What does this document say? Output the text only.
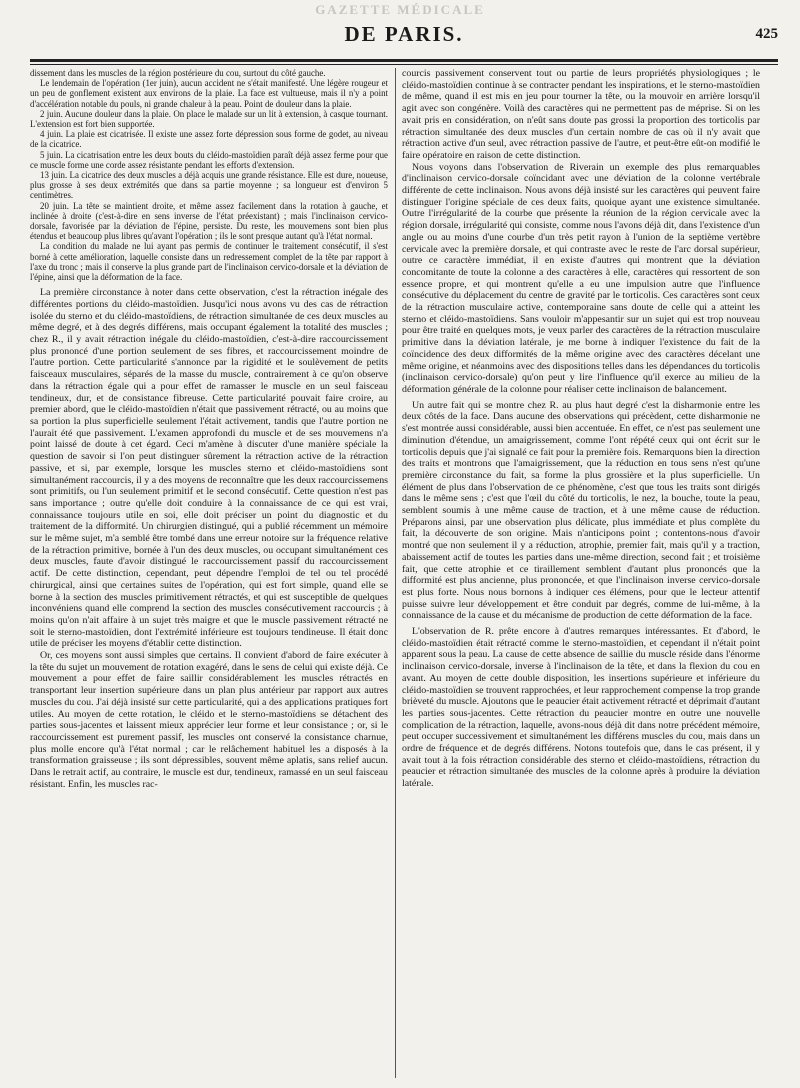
GAZETTE MÉDICALE
DE PARIS.	425

dissement dans les muscles de la région postérieure du cou, surtout du côté gauche.

Le lendemain de l'opération (1er juin), aucun accident ne s'était manifesté. Une légère rougeur et un peu de gonflement existent aux environs de la plaie. La face est vultueuse, mais il n'y a point d'accélération notable du pouls, ni grande chaleur à la peau. Point de douleur dans la plaie.

2 juin. Aucune douleur dans la plaie. On place le malade sur un lit à extension, à casque tournant. L'extension est fort bien supportée.

4 juin. La plaie est cicatrisée. Il existe une assez forte dépression sous forme de godet, au niveau de la cicatrice.

5 juin. La cicatrisation entre les deux bouts du cléido-mastoïdien paraît déjà assez ferme pour que ce muscle forme une corde assez résistante pendant les efforts d'extension.

13 juin. La cicatrice des deux muscles a déjà acquis une grande résistance. Elle est dure, noueuse, plus grosse à ses deux extrémités que dans sa partie moyenne ; sa longueur est d'environ 5 centimètres.

20 juin. La tête se maintient droite, et même assez facilement dans la rotation à gauche, et inclinée à droite (c'est-à-dire en sens inverse de l'état préexistant) ; mais l'inclinaison cervico-dorsale, favorisée par la déviation de l'épine, persiste. Du reste, les mouvemens sont bien plus étendus et beaucoup plus libres qu'avant l'opération ; ils le sont presque autant qu'à l'état normal.

La condition du malade ne lui ayant pas permis de continuer le traitement consécutif, il s'est borné à cette amélioration, laquelle consiste dans un redressement complet de la tête par rapport à l'axe du tronc ; mais il conserve la plus grande part de l'inclinaison cervico-dorsale et la déviation de l'épine, ainsi que la déformation de la face.

La première circonstance à noter dans cette observation, c'est la rétraction inégale des différentes portions du cléido-mastoïdien. Jusqu'ici nous avons vu des cas de rétraction isolée du sterno et du cléido-mastoïdiens, de rétraction simultanée de ces deux muscles au même degré, et à des degrés différens, mais occupant également la totalité des muscles ; chez R., il y avait rétraction inégale du cléido-mastoïdien, c'est-à-dire raccourcissement plus prononcé d'une portion seulement de ses fibres, et raccourcissement moindre de l'autre portion. Cette particularité s'annonce par la rigidité et le soulèvement de petits faisceaux musculaires, séparés de la masse du muscle, contrairement à ce qu'on observe dans la rétraction égale qui a pour effet de ramasser le muscle en un seul faisceau tendineux, dur, et de consistance fibreuse. Cette particularité pouvait faire croire, au premier abord, que le cléido-mastoïdien n'était que passivement rétracté, ou au moins que sa portion la plus superficielle seulement l'était activement, tandis que l'autre portion ne l'aurait été que passivement. L'examen approfondi du muscle et de ses mouvemens n'a point laissé de doute à cet égard. Ceci m'amène à discuter d'une manière spéciale la question de savoir si l'on peut distinguer sûrement la rétraction active de la rétraction passive, et si, par exemple, lorsque les muscles sterno et cléido-mastoïdiens sont simultanément raccourcis, il y a des moyens de reconnaître que les deux raccourcissemens sont primitifs, ou l'un seulement primitif et le second consécutif. Cette question n'est pas sans importance ; outre qu'elle doit conduire à la connaissance de ce qui est vrai, connaissance toujours utile en soi, elle doit préciser un point du diagnostic et du traitement de la difformité. Un chirurgien distingué, qui a publié récemment un mémoire sur le même sujet, m'a semblé être tombé dans une erreur notoire sur la fréquence relative de la rétraction primitive, bornée à l'un des deux muscles, ou occupant simultanément ces deux muscles, faute d'avoir distingué le raccourcissement passif du raccourcissement actif. De cette distinction, cependant, peut dépendre l'emploi de tel ou tel procédé chirurgical, ainsi que certaines suites de l'opération, qui est fort simple, quand elle se borne à la section des muscles primitivement rétractés, et qui est susceptible de quelques inconvéniens quand elle comprend la section des muscles consécutivement raccourcis ; à moins qu'on n'ait affaire à un sujet très maigre et que le muscle passivement rétracté ne soit le sterno-mastoïdien, dont l'extrémité inférieure est toujours tendineuse. Il était donc utile de préciser les moyens d'établir cette distinction.

Or, ces moyens sont aussi simples que certains. Il convient d'abord de faire exécuter à la tête du sujet un mouvement de rotation exagéré, dans le sens de celui qui existe déjà. Ce mouvement a pour effet de faire saillir considérablement les muscles rétractés en transportant leur insertion supérieure dans un plan plus antérieur par rapport aux autres muscles du cou. J'ai déjà insisté sur cette particularité, qui a des applications pratiques fort utiles. Au moyen de cette rotation, le cléido et le sterno-mastoïdiens se détachent des parties sous-jacentes et laissent mieux apprécier leur forme et leur consistance ; or, si le raccourcissement est purement passif, les muscles ont conservé la consistance charnue, plus molle encore qu'à l'état normal ; car le relâchement habituel les a disposés à la transformation graisseuse ; ils sont dépressibles, souvent même aplatis, sans relief aucun. Dans le retrait actif, au contraire, le muscle est dur, tendineux, ramassé en un seul faisceau résistant. Enfin, les muscles rac-

courcis passivement conservent tout ou partie de leurs propriétés physiologiques ; le cléido-mastoïdien continue à se contracter pendant les inspirations, et le sterno-mastoïdien de même, quand il est mis en jeu pour tourner la tête, ou la mouvoir en arrière lorsqu'il agit avec son congénère. Voilà des caractères qui ne permettent pas de méprise. Si on les avait pris en considération, on n'eût sans doute pas grossi la proportion des torticolis par rétraction simultanée des deux muscles d'un certain nombre de cas où il n'y avait que rétraction active d'un seul, avec rétraction passive de l'autre, et peut-être eût-on modifié le faire opératoire en raison de cette distinction.

Nous voyons dans l'observation de Riverain un exemple des plus remarquables d'inclinaison cervico-dorsale coïncidant avec une déviation de la colonne vertébrale différente de cette inclinaison. Nous avons déjà insisté sur les caractères qui peuvent faire distinguer l'origine spéciale de ces deux faits, quoique ayant une existence simultanée. Outre l'irrégularité de la courbe que présente la réunion de la région cervicale avec la région dorsale, irrégularité qui consiste, comme nous l'avons déjà dit, dans l'existence d'un angle ou au moins d'une courbe d'un très petit rayon à l'union de la septième vertèbre cervicale avec la première dorsale, et qui contraste avec le reste de l'arc dorsal supérieur, outre ce caractère immédiat, il en existe d'autres qui montrent que la déviation concomitante de toute la colonne a des caractères à elle, caractères qui ressortent de son essence propre, et qui montrent qu'elle a eu une impulsion autre que l'influence consécutive du déplacement du centre de gravité par le torticolis. Ces caractères sont ceux de la rétraction musculaire active, contemporaine sans doute de celle qui a atteint les sterno et cléido-mastoïdiens. Sans vouloir m'appesantir sur un sujet qui est trop nouveau pour être traité en quelques mots, je veux parler des caractères de la rétraction musculaire primitive dans la déviation latérale, je me borne à indiquer l'existence du fait de la coïncidence des deux difformités de la même origine avec des caractères décelant une même origine, et néanmoins avec des dispositions telles dans les dépendances du torticolis (inclinaison cervico-dorsale) qu'on peut y lire l'influence qu'il exerce au milieu de la déformation générale de la colonne pour réaliser cette inclinaison de balancement.

Un autre fait qui se montre chez R. au plus haut degré c'est la disharmonie entre les deux côtés de la face. Dans aucune des observations qui précèdent, cette disharmonie ne s'est montrée aussi considérable, aussi bien accentuée. En effet, ce n'est pas seulement une diminution d'étendue, un amaigrissement, comme l'ont répété ceux qui ont écrit sur le torticolis depuis que j'ai signalé ce fait pour la première fois. Remarquons bien la direction des traits et montrons que l'amaigrissement, que la réduction en tous sens n'est qu'une première circonstance du fait, sa forme la plus grossière et la plus superficielle. Un élément de plus dans l'observation de ce phénomène, c'est que tous les traits sont dirigés dans le même sens ; c'est que l'œil du côté du torticolis, le nez, la bouche, toute la peau, semblent soumis à une même cause de traction, et à une même cause de réduction. Préparons ainsi, par une observation plus délicate, plus immédiate et plus complète du fait, la découverte de son origine. Mais n'anticipons point ; contentons-nous d'avoir montré que non seulement il y a réduction, atrophie, premier fait, mais qu'il y a traction, abaissement actif de toutes les parties dans une-même direction, second fait ; et troisième fait, que cette atrophie et ce tiraillement semblent d'autant plus prononcés que la difformité est plus ancienne, plus prononcée, et que l'inclinaison inverse cervico-dorsale est plus forte. Nous nous bornons à indiquer ces élémens, pour que le lecteur attentif puisse suivre leur développement et être conduit par degrés, comme de lui-même, à la connaissance de la cause et du mécanisme de production de cette déformation de la face.

L'observation de R. prête encore à d'autres remarques intéressantes. Et d'abord, le cléido-mastoïdien était rétracté comme le sterno-mastoïdien, et cependant il n'était point apparent sous la peau. La cause de cette absence de saillie du muscle réside dans l'énorme inclinaison cervico-dorsale, inverse à l'inclinaison de la tête, et dans la flexion du cou en avant. Au moyen de cette double disposition, les insertions supérieure et inférieure du cléido-mastoïdien se trouvent rapprochées, et leur rapprochement compense la trop grande brièveté du muscle. Ajoutons que le peaucier était activement rétracté et déprimait d'autant les parties sous-jacentes. Cette rétraction du peaucier montre en outre une nouvelle complication de la rétraction, laquelle, avons-nous déjà dit dans notre précédent mémoire, peut occuper successivement et simultanément les différens muscles du cou, mais dans un ordre de fréquence et de degrés différens. Notons toutefois que, dans le cas présent, il y avait tout à la fois rétraction considérable des sterno et cléido-mastoïdiens, rétraction du peaucier et rétraction simultanée des muscles de la colonne après à produire la déviation latérale.
